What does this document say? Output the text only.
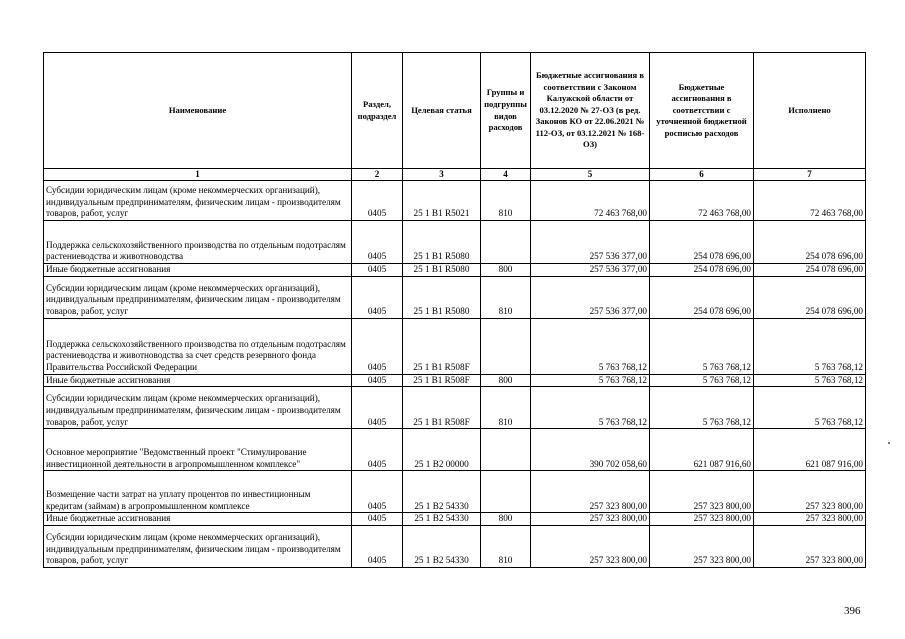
Наименование	Раздел, подраздел	Целевая статья	Группы и подгруппы видов расходов	Бюджетные ассигнования в соответствии с Законом Калужской области от 03.12.2020 № 27-ОЗ (в ред. Законов КО от 22.06.2021 № 112-ОЗ, от 03.12.2021 № 168-ОЗ)	Бюджетные ассигнования в соответствии с уточненной бюджетной росписью расходов	Исполнено
1	2	3	4	5	6	7
Субсидии юридическим лицам (кроме некоммерческих организаций), индивидуальным предпринимателям, физическим лицам - производителям товаров, работ, услуг	0405	25 1 B1 R5021	810	72 463 768,00	72 463 768,00	72 463 768,00
Поддержка сельскохозяйственного производства по отдельным подотраслям растениеводства и животноводства	0405	25 1 B1 R5080		257 536 377,00	254 078 696,00	254 078 696,00
Иные бюджетные ассигнования	0405	25 1 B1 R5080	800	257 536 377,00	254 078 696,00	254 078 696,00
Субсидии юридическим лицам (кроме некоммерческих организаций), индивидуальным предпринимателям, физическим лицам - производителям товаров, работ, услуг	0405	25 1 B1 R5080	810	257 536 377,00	254 078 696,00	254 078 696,00
Поддержка сельскохозяйственного производства по отдельным подотраслям растениеводства и животноводства за счет средств резервного фонда Правительства Российской Федерации	0405	25 1 B1 R508F		5 763 768,12	5 763 768,12	5 763 768,12
Иные бюджетные ассигнования	0405	25 1 B1 R508F	800	5 763 768,12	5 763 768,12	5 763 768,12
Субсидии юридическим лицам (кроме некоммерческих организаций), индивидуальным предпринимателям, физическим лицам - производителям товаров, работ, услуг	0405	25 1 B1 R508F	810	5 763 768,12	5 763 768,12	5 763 768,12
Основное мероприятие "Ведомственный проект "Стимулирование инвестиционной деятельности в агропромышленном комплексе"	0405	25 1 B2 00000		390 702 058,60	621 087 916,60	621 087 916,00
Возмещение части затрат на уплату процентов по инвестиционным кредитам (займам) в агропромышленном комплексе	0405	25 1 B2 54330		257 323 800,00	257 323 800,00	257 323 800,00
Иные бюджетные ассигнования	0405	25 1 B2 54330	800	257 323 800,00	257 323 800,00	257 323 800,00
Субсидии юридическим лицам (кроме некоммерческих организаций), индивидуальным предпринимателям, физическим лицам - производителям товаров, работ, услуг	0405	25 1 B2 54330	810	257 323 800,00	257 323 800,00	257 323 800,00
396
